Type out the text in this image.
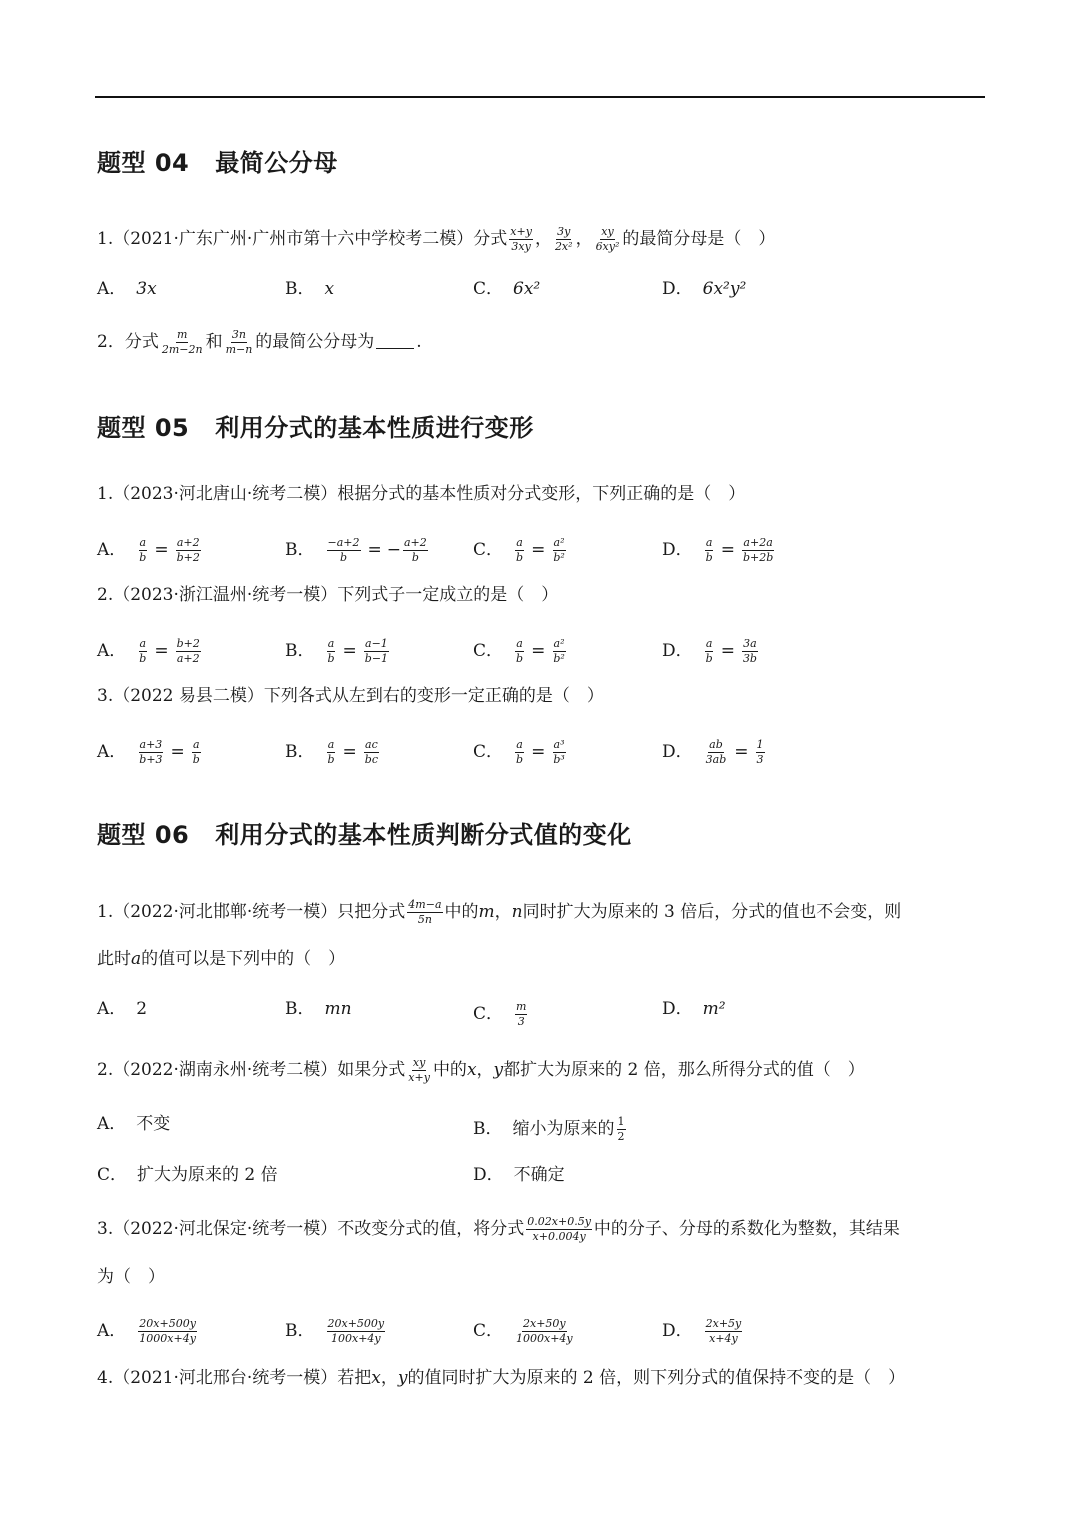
题型 04 最简公分母
1.（2021·广东广州·广州市第十六中学校考二模）分式 $\frac{x+y}{3xy}$ ， $\frac{3y}{\text{2x²}}$ ， $\frac{xy}{\text{6xy²}}$ 的最简分母是（　）
A． 3x	B． x	C． 6x²	D． 6x²y²
2．分式 $\frac{m}{2m-2n}$ 和 $\frac{3n}{m-n}$ 的最简公分母为 .
题型 05 利用分式的基本性质进行变形
1.（2023·河北唐山·统考二模）根据分式的基本性质对分式变形，下列正确的是（　）
A． $\frac{a}{b} = \frac{a+2}{b+2}$	B． $\frac{-a+2}{b}$ = − $\frac{a+2}{b}$	C． $\frac{a}{b} = \frac{\text{a²}}{\text{b²}}$	D． $\frac{a}{b} = \frac{a+2a}{b+2b}$
2.（2023·浙江温州·统考一模）下列式子一定成立的是（　）
A． $\frac{a}{b} = \frac{b+2}{a+2}$	B． $\frac{a}{b} = \frac{a-1}{b-1}$	C． $\frac{a}{b} = \frac{\text{a²}}{\text{b²}}$	D． $\frac{a}{b} = \frac{3a}{3b}$
3.（2022 易县二模）下列各式从左到右的变形一定正确的是（　）
A． $\frac{a+3}{b+3} = \frac{a}{b}$	B． $\frac{a}{b} = \frac{ac}{bc}$	C． $\frac{a}{b} = \frac{\text{a³}}{\text{b³}}$	D． $\frac{ab}{3ab} = \frac{1}{3}$
题型 06 利用分式的基本性质判断分式值的变化
1.（2022·河北邯郸·统考一模）只把分式 $\frac{4m-a}{5n}$ 中的 m ， n 同时扩大为原来的 3 倍后，分式的值也不会变，则
此时 a 的值可以是下列中的（　）
A． 2	B． mn	C． $\frac{m}{3}$	D． m²
2.（2022·湖南永州·统考二模）如果分式 $\frac{xy}{x+y}$ 中的 x ， y 都扩大为原来的 2 倍，那么所得分式的值（　）
A． 不变	B． 缩小为原来的 $\frac{1}{2}$
C． 扩大为原来的 2 倍	D． 不确定
3.（2022·河北保定·统考一模）不改变分式的值，将分式 $\frac{0.02x+0.5y}{x+0.004y}$ 中的分子、分母的系数化为整数，其结果
为（　）
A． $\frac{20x+500y}{1000x+4y}$	B． $\frac{20x+500y}{100x+4y}$	C． $\frac{2x+50y}{1000x+4y}$	D． $\frac{2x+5y}{x+4y}$
4.（2021·河北邢台·统考一模）若把 x ， y 的值同时扩大为原来的 2 倍，则下列分式的值保持不变的是（　）
